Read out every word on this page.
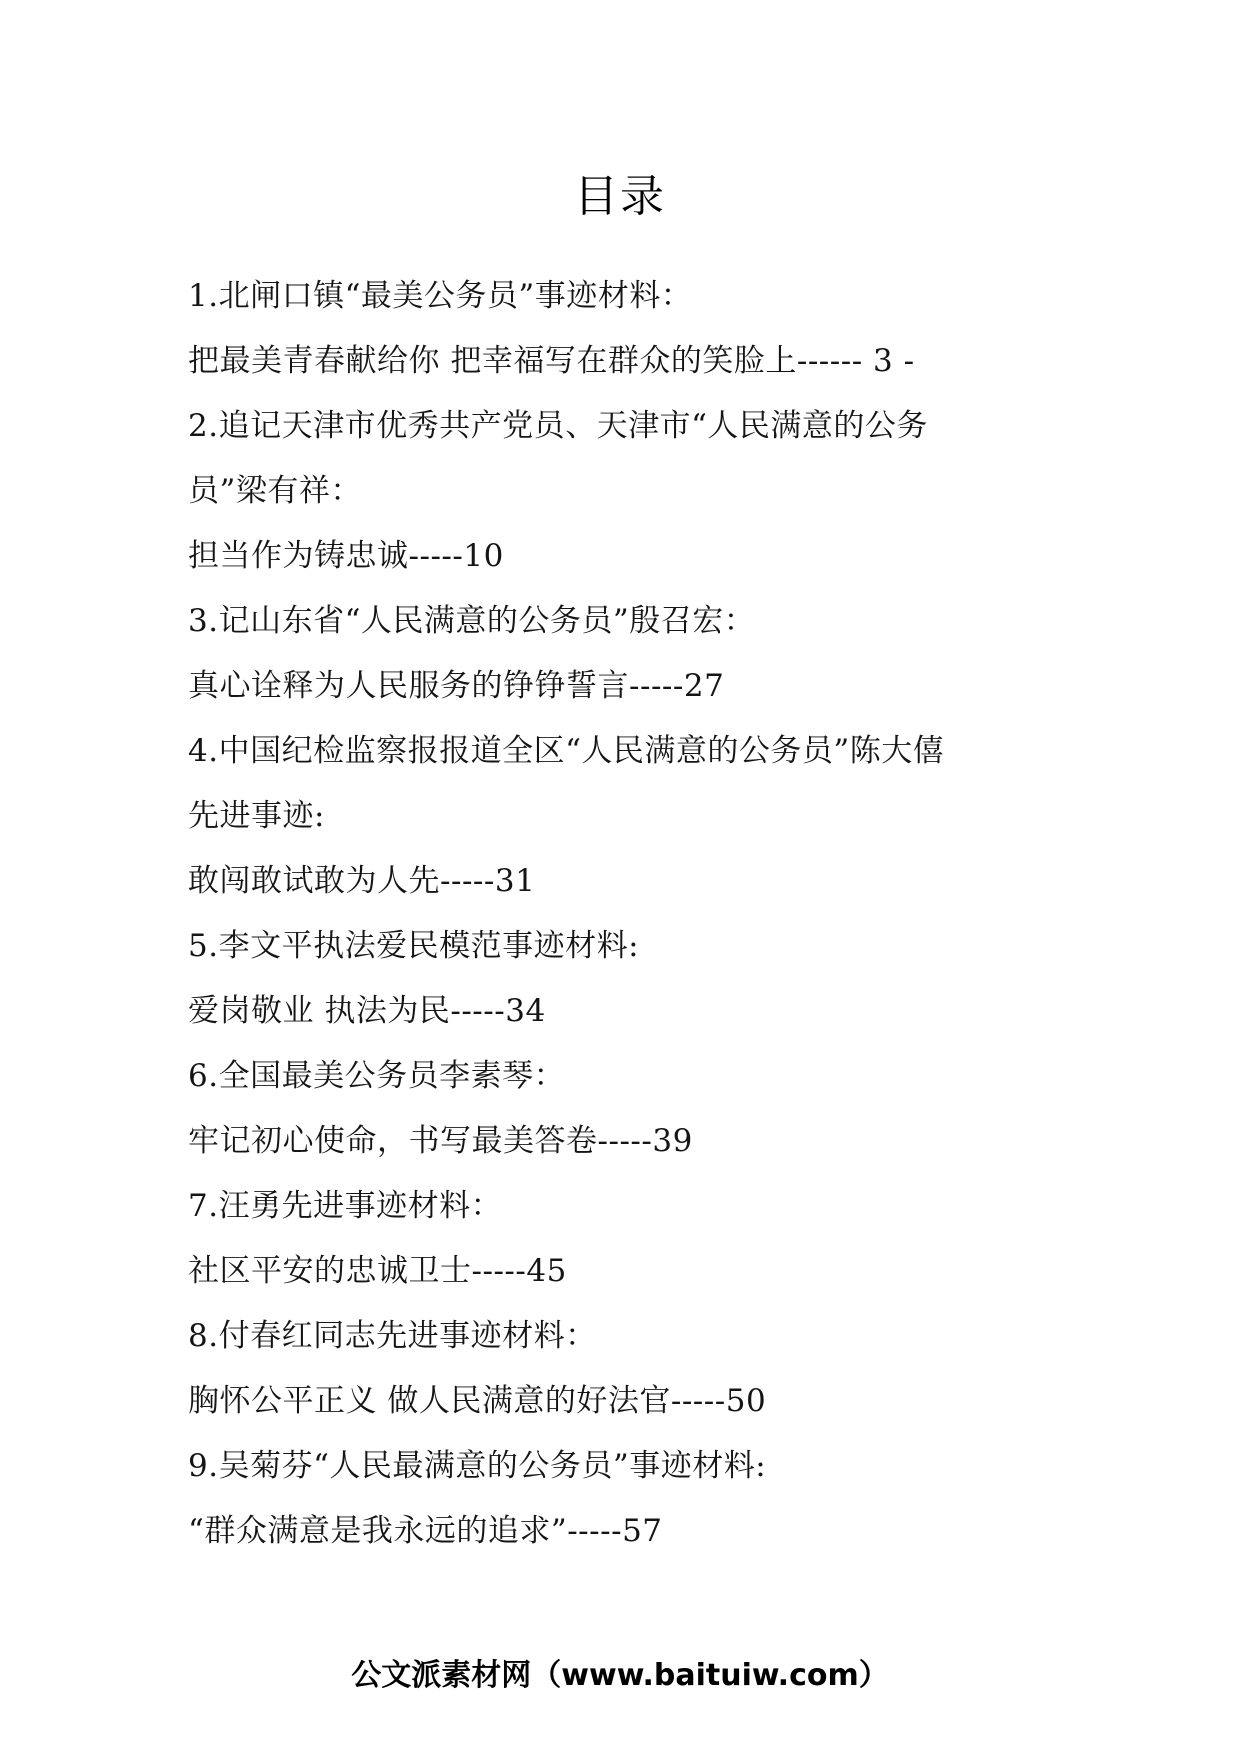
目录
1.北闸口镇“最美公务员”事迹材料：
把最美青春献给你 把幸福写在群众的笑脸上------ 3 -
2.追记天津市优秀共产党员、天津市“人民满意的公务
员”梁有祥：
担当作为铸忠诚-----10
3.记山东省“人民满意的公务员”殷召宏：
真心诠释为人民服务的铮铮誓言-----27
4.中国纪检监察报报道全区“人民满意的公务员”陈大僖
先进事迹:
敢闯敢试敢为人先-----31
5.李文平执法爱民模范事迹材料:
爱岗敬业 执法为民-----34
6.全国最美公务员李素琴：
牢记初心使命，书写最美答卷-----39
7.汪勇先进事迹材料：
社区平安的忠诚卫士-----45
8.付春红同志先进事迹材料：
胸怀公平正义 做人民满意的好法官-----50
9.吴菊芬“人民最满意的公务员”事迹材料:
“群众满意是我永远的追求”-----57
公文派素材网（www.baituiw.com）
